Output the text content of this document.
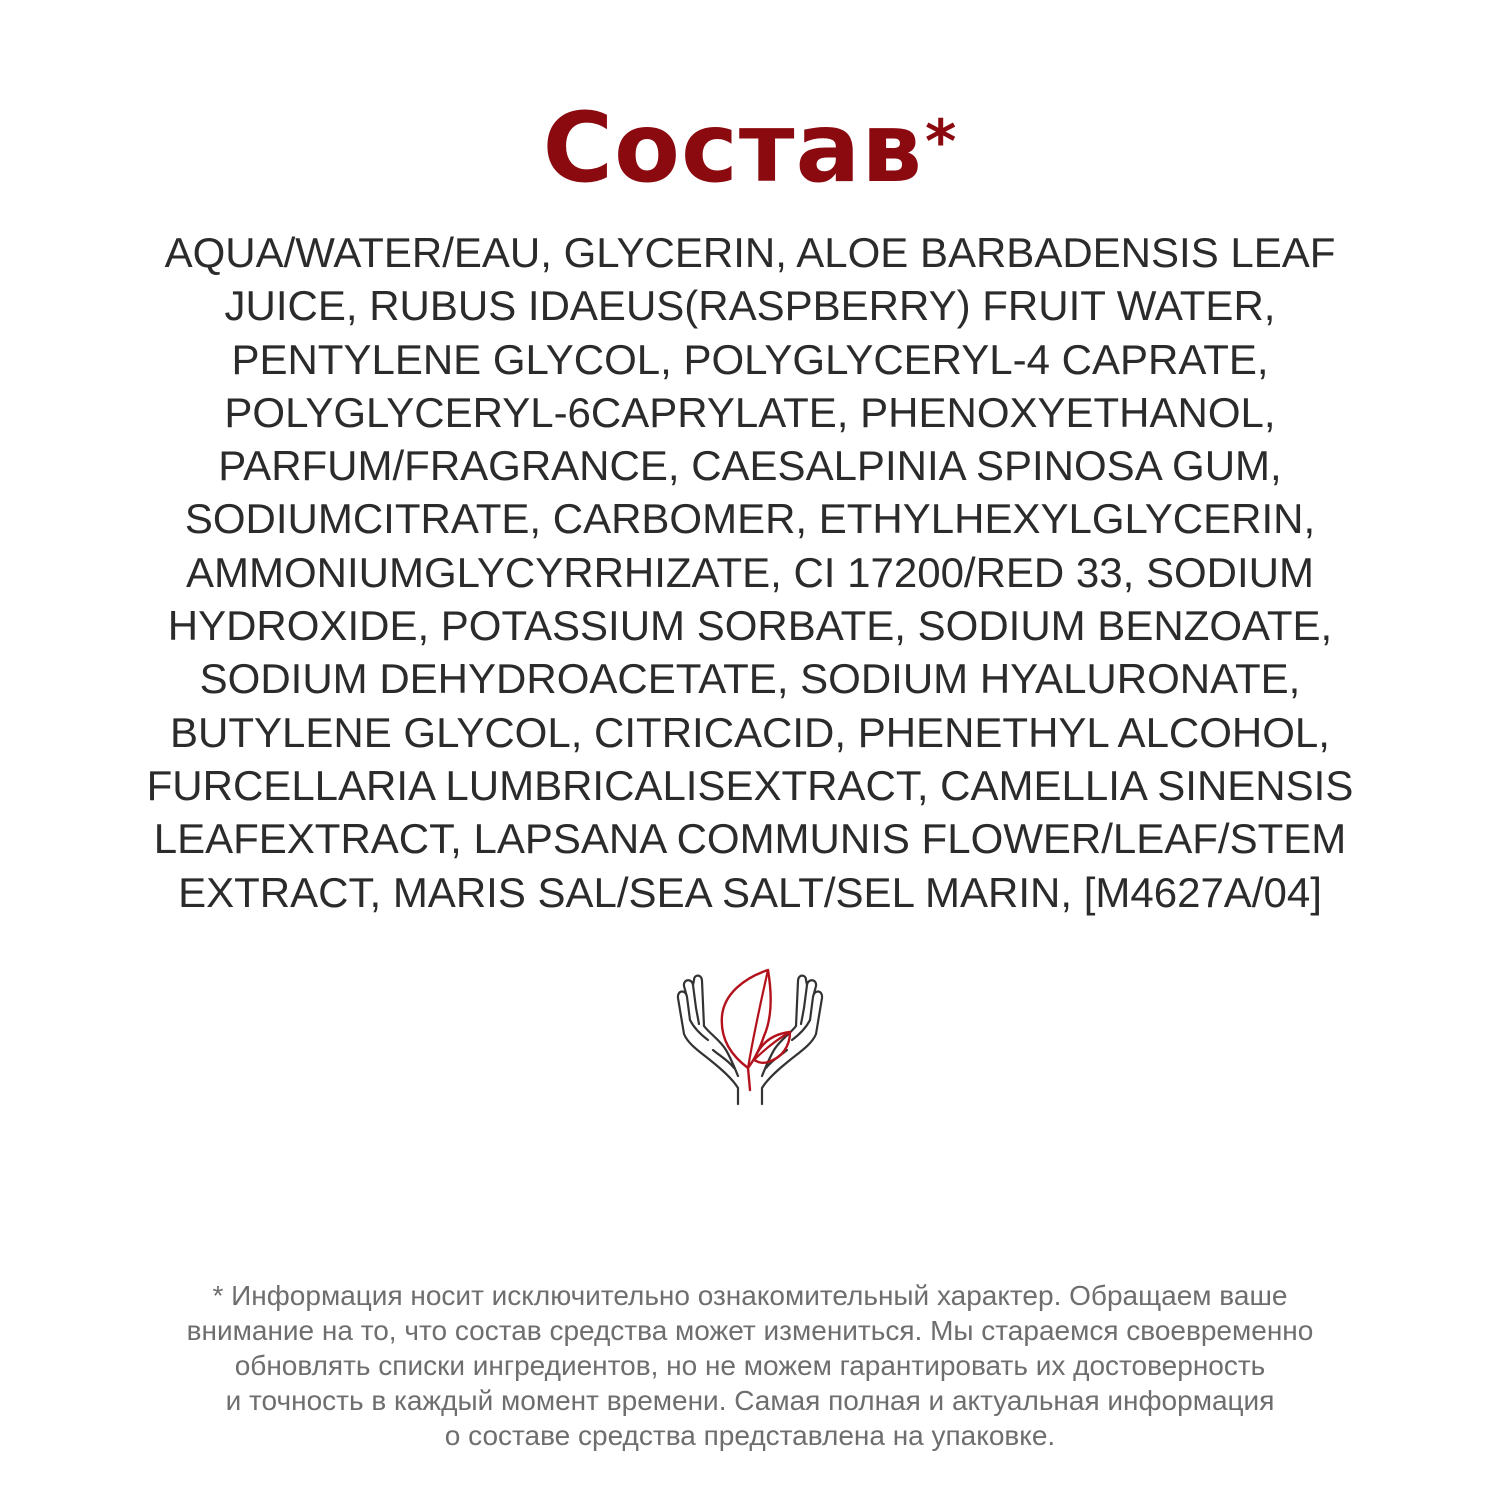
Состав*
AQUA/WATER/EAU, GLYCERIN, ALOE BARBADENSIS LEAF
JUICE, RUBUS IDAEUS(RASPBERRY) FRUIT WATER,
PENTYLENE GLYCOL, POLYGLYCERYL-4 CAPRATE,
POLYGLYCERYL-6CAPRYLATE, PHENOXYETHANOL,
PARFUM/FRAGRANCE, CAESALPINIA SPINOSA GUM,
SODIUMCITRATE, CARBOMER, ETHYLHEXYLGLYCERIN,
AMMONIUMGLYCYRRHIZATE, CI 17200/RED 33, SODIUM
HYDROXIDE, POTASSIUM SORBATE, SODIUM BENZOATE,
SODIUM DEHYDROACETATE, SODIUM HYALURONATE,
BUTYLENE GLYCOL, CITRICACID, PHENETHYL ALCOHOL,
FURCELLARIA LUMBRICALISEXTRACT, CAMELLIA SINENSIS
LEAFEXTRACT, LAPSANA COMMUNIS FLOWER/LEAF/STEM
EXTRACT, MARIS SAL/SEA SALT/SEL MARIN, [M4627A/04]
* Информация носит исключительно ознакомительный характер. Обращаем ваше
внимание на то, что состав средства может измениться. Мы стараемся своевременно
обновлять списки ингредиентов, но не можем гарантировать их достоверность
и точность в каждый момент времени. Самая полная и актуальная информация
о составе средства представлена на упаковке.
